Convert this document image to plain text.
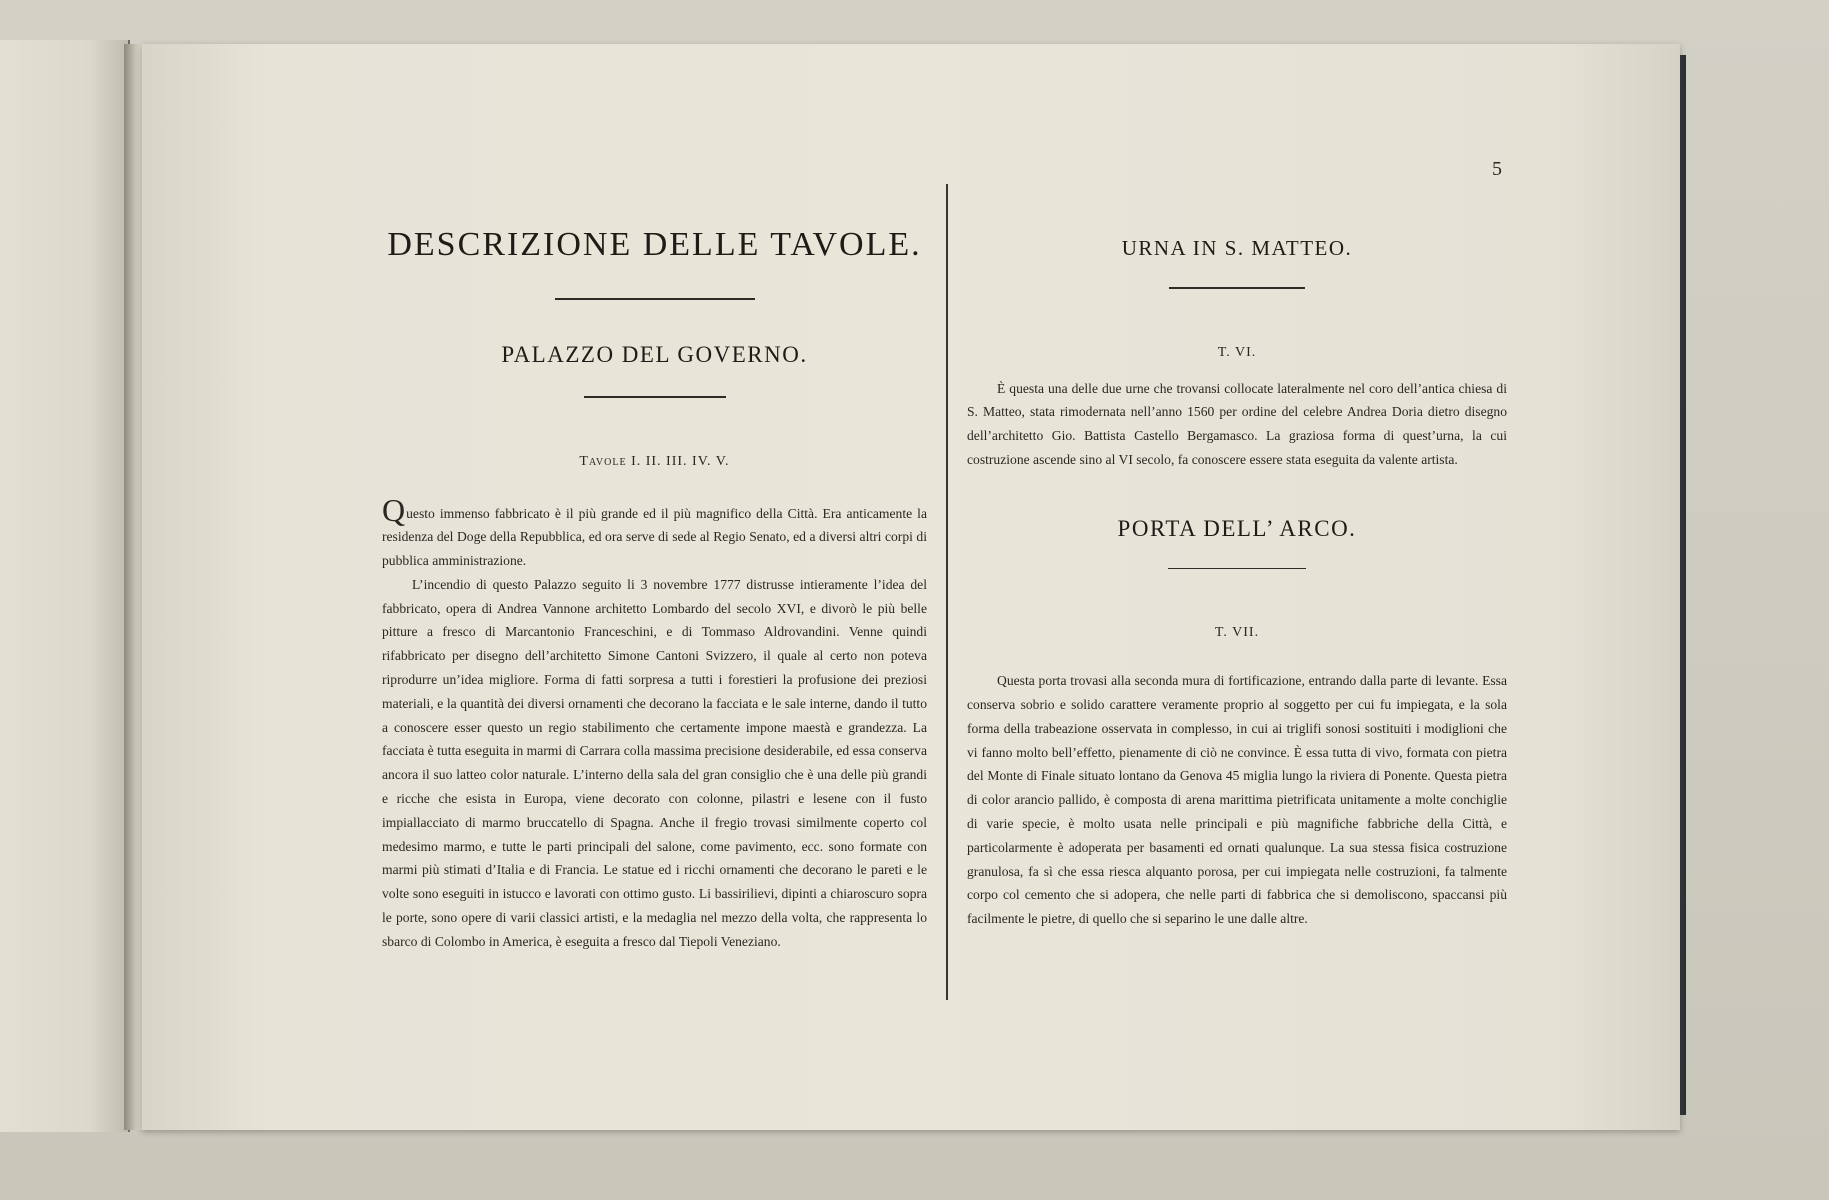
5
DESCRIZIONE DELLE TAVOLE.
PALAZZO DEL GOVERNO.
Tavole I. II. III. IV. V.

Questo immenso fabbricato è il più grande ed il più magnifico della Città. Era anticamente la residenza del Doge della Repubblica, ed ora serve di sede al Regio Senato, ed a diversi altri corpi di pubblica amministrazione.

L’incendio di questo Palazzo seguito li 3 novembre 1777 distrusse intieramente l’idea del fabbricato, opera di Andrea Vannone architetto Lombardo del secolo XVI, e divorò le più belle pitture a fresco di Marcantonio Franceschini, e di Tommaso Aldrovandini. Venne quindi rifabbricato per disegno dell’architetto Simone Cantoni Svizzero, il quale al certo non poteva riprodurre un’idea migliore. Forma di fatti sorpresa a tutti i forestieri la profusione dei preziosi materiali, e la quantità dei diversi ornamenti che decorano la facciata e le sale interne, dando il tutto a conoscere esser questo un regio stabilimento che certamente impone maestà e grandezza. La facciata è tutta eseguita in marmi di Carrara colla massima precisione desiderabile, ed essa conserva ancora il suo latteo color naturale. L’interno della sala del gran consiglio che è una delle più grandi e ricche che esista in Europa, viene decorato con colonne, pilastri e lesene con il fusto impiallacciato di marmo bruccatello di Spagna. Anche il fregio trovasi similmente coperto col medesimo marmo, e tutte le parti principali del salone, come pavimento, ecc. sono formate con marmi più stimati d’Italia e di Francia. Le statue ed i ricchi ornamenti che decorano le pareti e le volte sono eseguiti in istucco e lavorati con ottimo gusto. Li bassirilievi, dipinti a chiaroscuro sopra le porte, sono opere di varii classici artisti, e la medaglia nel mezzo della volta, che rappresenta lo sbarco di Colombo in America, è eseguita a fresco dal Tiepoli Veneziano.

URNA IN S. MATTEO.
T. VI.

È questa una delle due urne che trovansi collocate lateralmente nel coro dell’antica chiesa di S. Matteo, stata rimodernata nell’anno 1560 per ordine del celebre Andrea Doria dietro disegno dell’architetto Gio. Battista Castello Bergamasco. La graziosa forma di quest’urna, la cui costruzione ascende sino al VI secolo, fa conoscere essere stata eseguita da valente artista.

PORTA DELL’ ARCO.
T. VII.

Questa porta trovasi alla seconda mura di fortificazione, entrando dalla parte di levante. Essa conserva sobrio e solido carattere veramente proprio al soggetto per cui fu impiegata, e la sola forma della trabeazione osservata in complesso, in cui ai triglifi sonosi sostituiti i modiglioni che vi fanno molto bell’effetto, pienamente di ciò ne convince. È essa tutta di vivo, formata con pietra del Monte di Finale situato lontano da Genova 45 miglia lungo la riviera di Ponente. Questa pietra di color arancio pallido, è composta di arena marittima pietrificata unitamente a molte conchiglie di varie specie, è molto usata nelle principali e più magnifiche fabbriche della Città, e particolarmente è adoperata per basamenti ed ornati qualunque. La sua stessa fisica costruzione granulosa, fa sì che essa riesca alquanto porosa, per cui impiegata nelle costruzioni, fa talmente corpo col cemento che si adopera, che nelle parti di fabbrica che si demoliscono, spaccansi più facilmente le pietre, di quello che si separino le une dalle altre.
